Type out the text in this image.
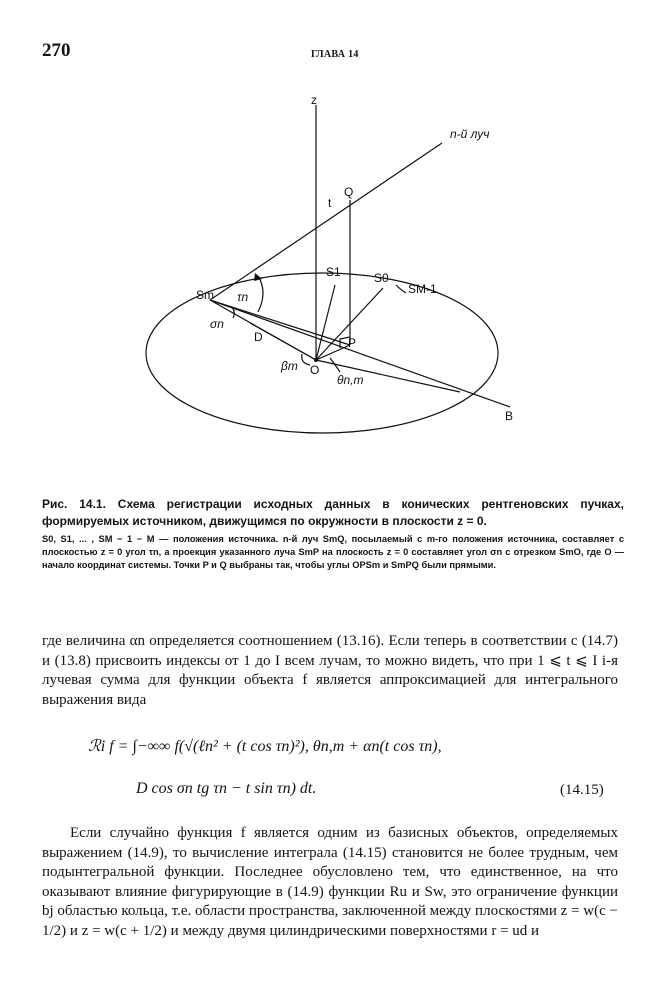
270	ГЛАВА 14
z
n-й луч
t
Q
S1	S0
SM-1
Sm τn
σn
D	P
βm O
θn,m
B
Рис. 14.1. Схема регистрации исходных данных в конических рентгеновских пучках, формируемых источником, движущимся по окружности в плоскости z = 0.
S0, S1, ... , SM − 1 − M — положения источника. n-й луч SmQ, посылаемый с m-го положения источника, составляет с плоскостью z = 0 угол τn, а проекция указанного луча SmP на плоскость z = 0 составляет угол σn с отрезком SmO, где O — начало координат системы. Точки P и Q выбраны так, чтобы углы OPSm и SmPQ были прямыми.
где величина αn определяется соотношением (13.16). Если теперь в соответствии с (14.7) и (13.8) присвоить индексы от 1 до I всем лучам, то можно видеть, что при 1 ⩽ t ⩽ I i-я лучевая сумма для функции объекта f является аппроксимацией для интегрального выражения вида
ℛi f = ∫−∞∞ f(√(ℓn² + (t cos τn)²), θn,m + αn(t cos τn),
D cos σn tg τn − t sin τn) dt.	(14.15)
Если случайно функция f является одним из базисных объектов, определяемых выражением (14.9), то вычисление интеграла (14.15) становится не более трудным, чем подынтегральной функции. Последнее обусловлено тем, что единственное, на что оказывают влияние фигурирующие в (14.9) функции Ru и Sw, это ограничение функции bj областью кольца, т.е. области пространства, заключенной между плоскостями z = w(c − 1/2) и z = w(c + 1/2) и между двумя цилиндрическими поверхностями r = ud и
